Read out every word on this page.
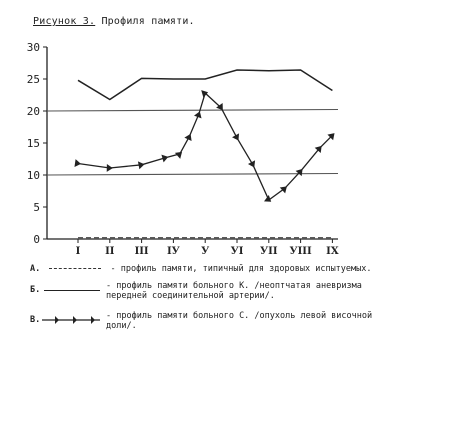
Рисунок 3. Профиля памяти.
0
5
10
15
20
25
30
I II III IУ У УI УII УIII IX
А.	- профиль памяти, типичный для здоровых испытуемых.
Б.	- профиль памяти больного К. /неоптчатая аневризма передней соединительной артерии/.
В.	- профиль памяти больного С. /опухоль левой височной доли/.
